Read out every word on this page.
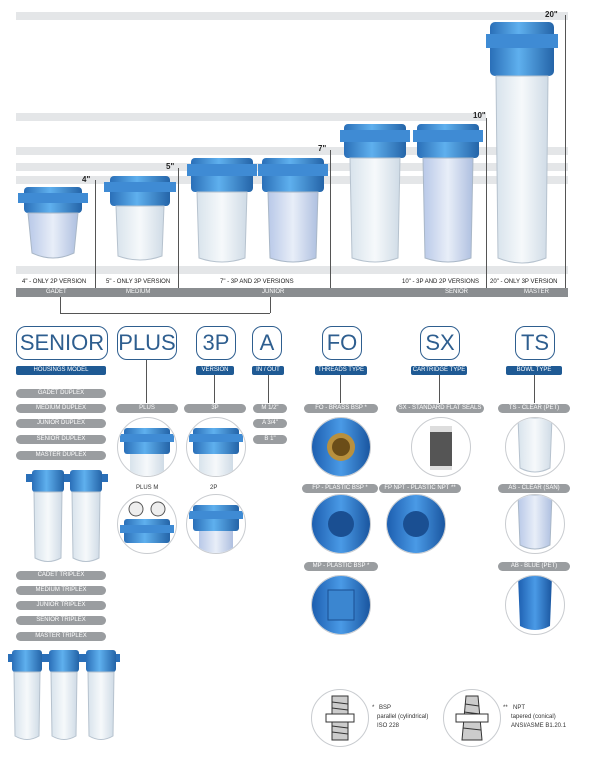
4"
5"
7"
10"
20"
4" - ONLY 2P VERSION	5" - ONLY 3P VERSION	7" - 3P AND 2P VERSIONS	10" - 3P AND 2P VERSIONS 20" - ONLY 3P VERSION
GADET	MEDIUM	JUNIOR	SENIOR	MASTER
SENIOR PLUS 3P	A	FO	SX	TS
HOUSINGS MODEL	VERSION	IN / OUT	THREADS TYPE	CARTRIDGE TYPE	BOWL TYPE
GADET DUPLEX
MEDIUM DUPLEX
JUNIOR DUPLEX
SENIOR DUPLEX
MASTER DUPLEX
CADET TRIPLEX
MEDIUM TRIPLEX
JUNIOR TRIPLEX
SENIOR TRIPLEX
MASTER TRIPLEX
PLUS
PLUS M
3P
2P
M 1/2"
A 3/4"
B 1"
FO - BRASS BSP *
FP - PLASTIC BSP *	FP NPT - PLASTIC NPT **
MP - PLASTIC BSP *
SX - STANDARD FLAT SEALS	TS - CLEAR (PET)
AS - CLEAR (SAN)
AB - BLUE (PET)
* BSP
parallel (cylindrical)
ISO 228
** NPT
tapered (conical)
ANSI/ASME B1.20.1
